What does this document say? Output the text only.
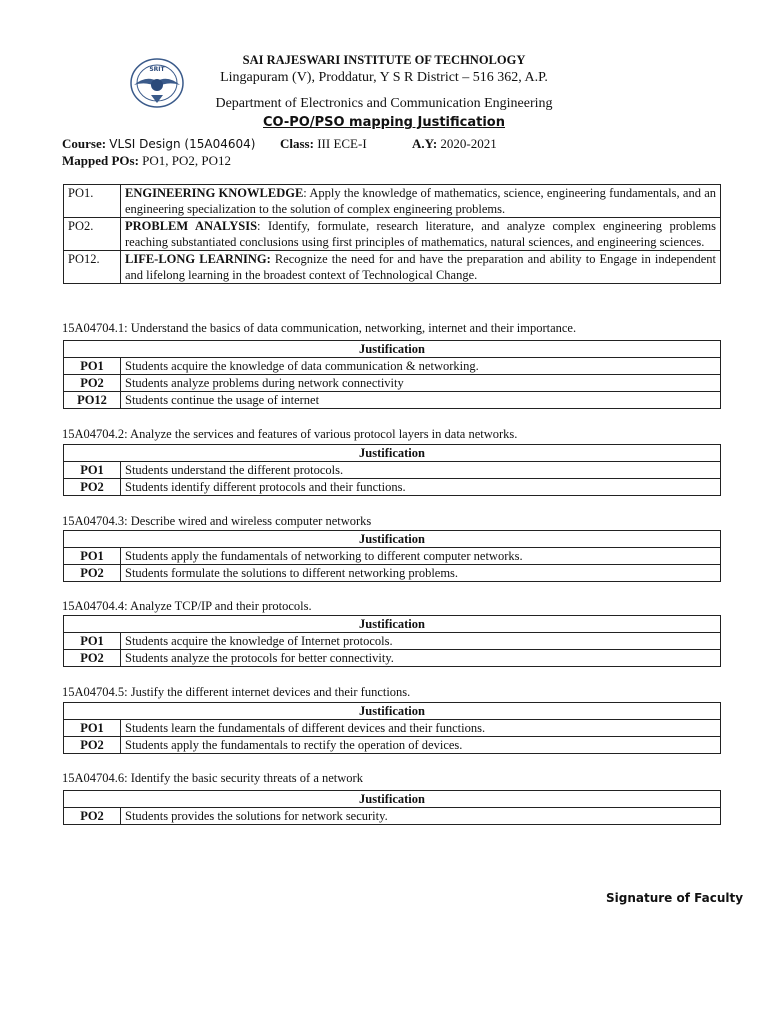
SRIT
SAI RAJESWARI INSTITUTE OF TECHNOLOGY
Lingapuram (V), Proddatur, Y S R District – 516 362, A.P.
Department of Electronics and Communication Engineering
CO-PO/PSO mapping Justification
Course: VLSI Design (15A04604) Class: III ECE-I	A.Y: 2020-2021
Mapped POs: PO1, PO2, PO12
PO1.	ENGINEERING KNOWLEDGE: Apply the knowledge of mathematics, science, engineering fundamentals, and an engineering specialization to the solution of complex engineering problems.
PO2.	PROBLEM ANALYSIS: Identify, formulate, research literature, and analyze complex engineering problems reaching substantiated conclusions using first principles of mathematics, natural sciences, and engineering sciences.
PO12.	LIFE-LONG LEARNING: Recognize the need for and have the preparation and ability to Engage in independent and lifelong learning in the broadest context of Technological Change.
15A04704.1: Understand the basics of data communication, networking, internet and their importance.
Justification	
PO1	Students acquire the knowledge of data communication & networking.
PO2	Students analyze problems during network connectivity
PO12	Students continue the usage of internet
15A04704.2: Analyze the services and features of various protocol layers in data networks.
Justification	
PO1	Students understand the different protocols.
PO2	Students identify different protocols and their functions.
15A04704.3: Describe wired and wireless computer networks
Justification	
PO1	Students apply the fundamentals of networking to different computer networks.
PO2	Students formulate the solutions to different networking problems.
15A04704.4: Analyze TCP/IP and their protocols.
Justification	
PO1	Students acquire the knowledge of Internet protocols.
PO2	Students analyze the protocols for better connectivity.
15A04704.5: Justify the different internet devices and their functions.
Justification	
PO1	Students learn the fundamentals of different devices and their functions.
PO2	Students apply the fundamentals to rectify the operation of devices.
15A04704.6: Identify the basic security threats of a network
Justification
PO2	Students provides the solutions for network security.
Signature of Faculty
